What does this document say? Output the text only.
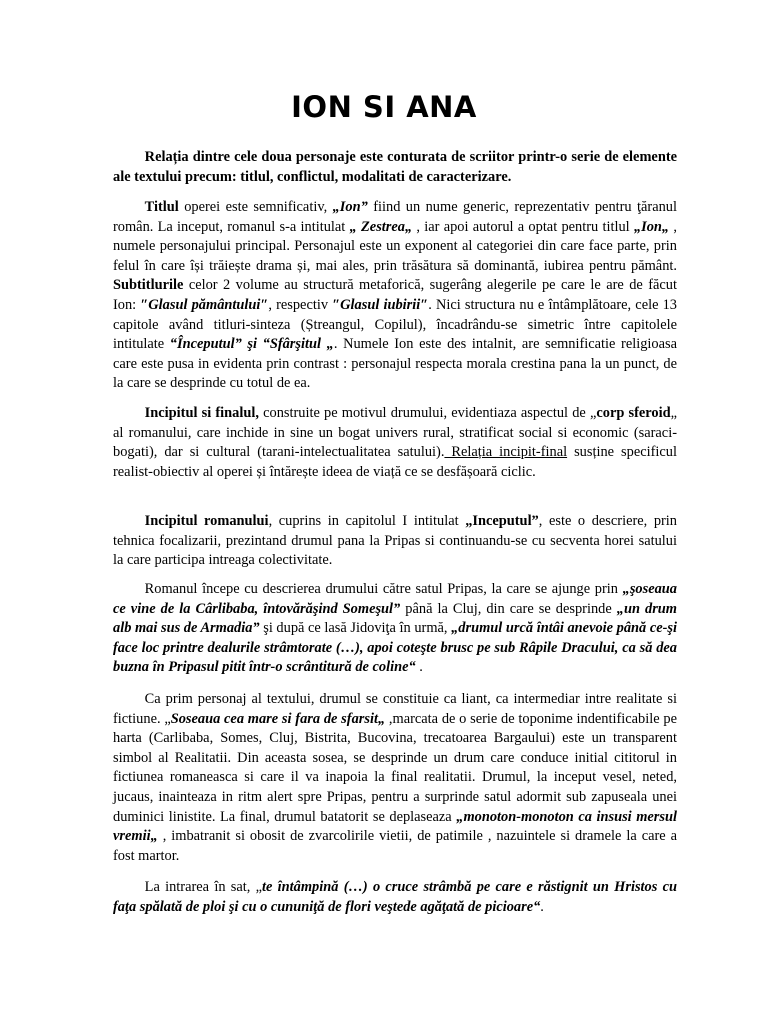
ION SI ANA

Relația dintre cele doua personaje este conturata de scriitor printr-o serie de elemente ale textului precum: titlul, conflictul, modalitati de caracterizare.

Titlul operei este semnificativ, „Ion” fiind un nume generic, reprezentativ pentru ţăranul român. La inceput, romanul s-a intitulat „ Zestrea„ , iar apoi autorul a optat pentru titlul „Ion„ , numele personajului principal. Personajul este un exponent al categoriei din care face parte, prin felul în care își trăiește drama și, mai ales, prin trăsătura să dominantă, iubirea pentru pământ. Subtitlurile celor 2 volume au structură metaforică, sugerâng alegerile pe care le are de făcut Ion: ″Glasul pământului″, respectiv ″Glasul iubirii″. Nici structura nu e întâmplătoare, cele 13 capitole având titluri-sinteza (Ștreangul, Copilul), încadrându-se simetric între capitolele intitulate “Începutul” şi “Sfârşitul „. Numele Ion este des intalnit, are semnificatie religioasa care este pusa in evidenta prin contrast : personajul respecta morala crestina pana la un punct, de la care se desprinde cu totul de ea.

Incipitul si finalul, construite pe motivul drumului, evidentiaza aspectul de „corp sferoid„ al romanului, care inchide in sine un bogat univers rural, stratificat social si economic (saraci-bogati), dar si cultural (tarani-intelectualitatea satului). Relația incipit-final susține specificul realist-obiectiv al operei și întărește ideea de viață ce se desfășoară ciclic.

Incipitul romanului, cuprins in capitolul I intitulat „Inceputul”, este o descriere, prin tehnica focalizarii, prezintand drumul pana la Pripas si continuandu-se cu secventa horei satului la care participa intreaga colectivitate.

Romanul începe cu descrierea drumului către satul Pripas, la care se ajunge prin „şoseaua ce vine de la Cârlibaba, întovărăşind Someşul” până la Cluj, din care se desprinde „un drum alb mai sus de Armadia” şi după ce lasă Jidoviţa în urmă, „drumul urcă întâi anevoie până ce-şi face loc printre dealurile strâmtorate (…), apoi coteşte brusc pe sub Râpile Dracului, ca să dea buzna în Pripasul pitit într-o scrântitură de coline“ .

Ca prim personaj al textului, drumul se constituie ca liant, ca intermediar intre realitate si fictiune. „Soseaua cea mare si fara de sfarsit„ ,marcata de o serie de toponime indentificabile pe harta (Carlibaba, Somes, Cluj, Bistrita, Bucovina, trecatoarea Bargaului) este un transparent simbol al Realitatii. Din aceasta sosea, se desprinde un drum care conduce initial cititorul in fictiunea romaneasca si care il va inapoia la final realitatii. Drumul, la inceput vesel, neted, jucaus, inainteaza in ritm alert spre Pripas, pentru a surprinde satul adormit sub zapuseala unei duminici linistite. La final, drumul batatorit se deplaseaza „monoton-monoton ca insusi mersul vremii„ , imbatranit si obosit de zvarcolirile vietii, de patimile , nazuintele si dramele la care a fost martor.

La intrarea în sat, „te întâmpină (…) o cruce strâmbă pe care e răstignit un Hristos cu faţa spălată de ploi şi cu o cununiţă de flori veştede agăţată de picioare“.
